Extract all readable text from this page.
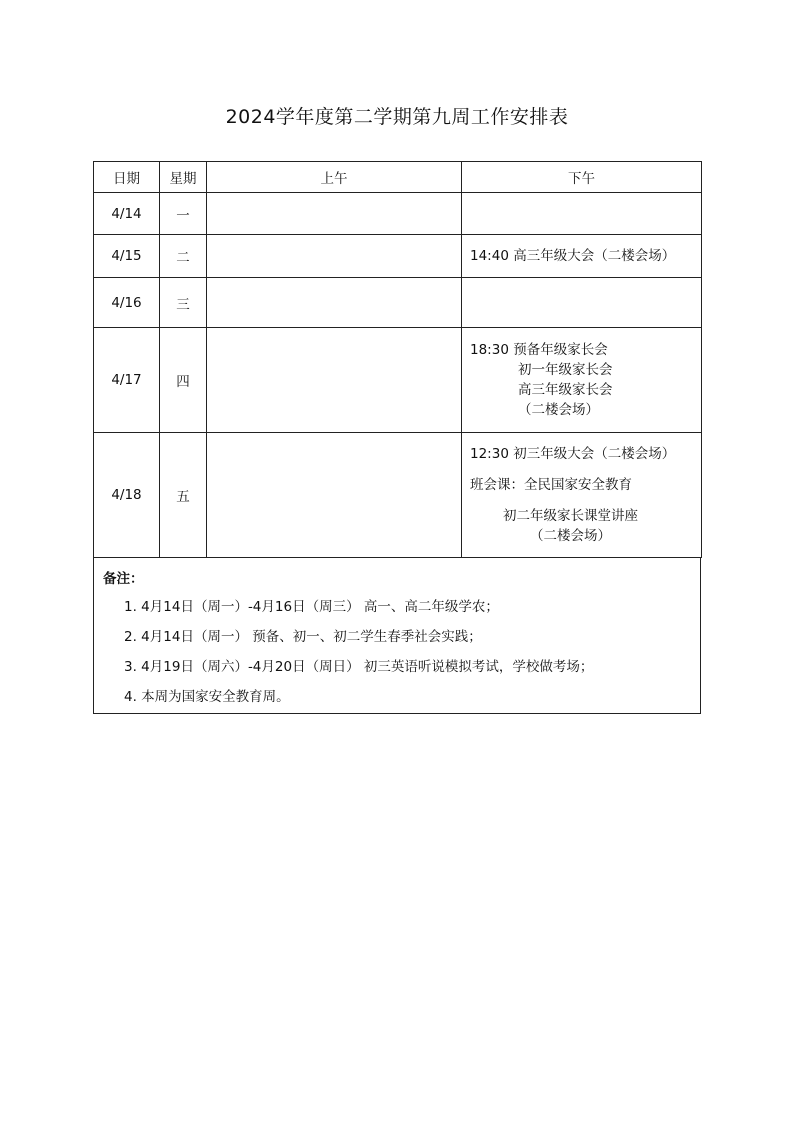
2024学年度第二学期第九周工作安排表
日期	星期	上午	下午
4/14	一		
4/15	二		14:40 高三年级大会（二楼会场）

4/16	三		
4/17	四		18:30 预备年级家长会
初一年级家长会
高三年级家长会
（二楼会场）

4/18	五		12:30 初三年级大会（二楼会场）
班会课：全民国家安全教育
初二年级家长课堂讲座
（二楼会场）
备注：
1. 4月14日（周一）-4月16日（周三） 高一、高二年级学农；
2. 4月14日（周一） 预备、初一、初二学生春季社会实践；
3. 4月19日（周六）-4月20日（周日） 初三英语听说模拟考试，学校做考场；
4. 本周为国家安全教育周。
